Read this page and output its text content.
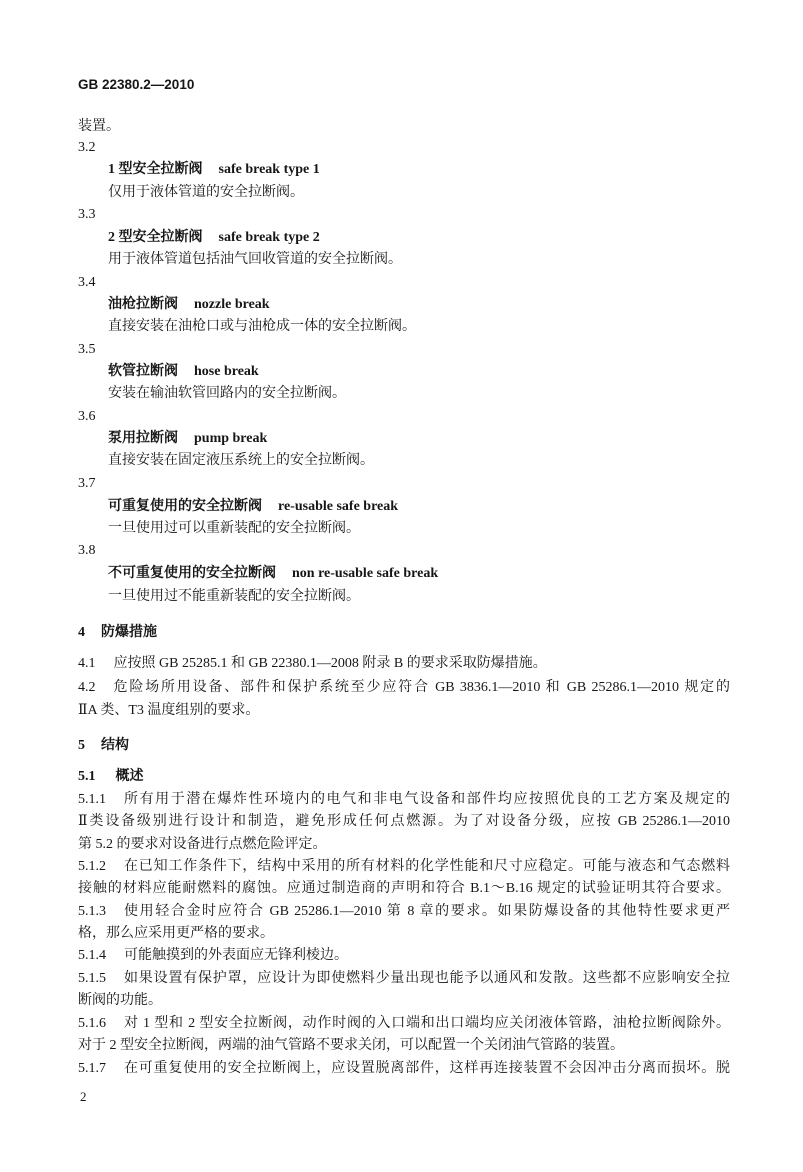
GB 22380.2—2010
装置。
3.2
1 型安全拉断阀 safe break type 1
仅用于液体管道的安全拉断阀。
3.3
2 型安全拉断阀 safe break type 2
用于液体管道包括油气回收管道的安全拉断阀。
3.4
油枪拉断阀 nozzle break
直接安装在油枪口或与油枪成一体的安全拉断阀。
3.5
软管拉断阀 hose break
安装在输油软管回路内的安全拉断阀。
3.6
泵用拉断阀 pump break
直接安装在固定液压系统上的安全拉断阀。
3.7
可重复使用的安全拉断阀 re-usable safe break
一旦使用过可以重新装配的安全拉断阀。
3.8
不可重复使用的安全拉断阀 non re-usable safe break
一旦使用过不能重新装配的安全拉断阀。
4 防爆措施
4.1 应按照 GB 25285.1 和 GB 22380.1—2008 附录 B 的要求采取防爆措施。
4.2 危险场所用设备、部件和保护系统至少应符合 GB 3836.1—2010 和 GB 25286.1—2010 规定的
ⅡA 类、T3 温度组别的要求。
5 结构
5.1 概述
5.1.1 所有用于潜在爆炸性环境内的电气和非电气设备和部件均应按照优良的工艺方案及规定的
Ⅱ类设备级别进行设计和制造，避免形成任何点燃源。为了对设备分级，应按 GB 25286.1—2010
第 5.2 的要求对设备进行点燃危险评定。
5.1.2 在已知工作条件下，结构中采用的所有材料的化学性能和尺寸应稳定。可能与液态和气态燃料
接触的材料应能耐燃料的腐蚀。应通过制造商的声明和符合 B.1～B.16 规定的试验证明其符合要求。
5.1.3 使用轻合金时应符合 GB 25286.1—2010 第 8 章的要求。如果防爆设备的其他特性要求更严
格，那么应采用更严格的要求。
5.1.4 可能触摸到的外表面应无锋利棱边。
5.1.5 如果设置有保护罩，应设计为即使燃料少量出现也能予以通风和发散。这些都不应影响安全拉
断阀的功能。
5.1.6 对 1 型和 2 型安全拉断阀，动作时阀的入口端和出口端均应关闭液体管路，油枪拉断阀除外。
对于 2 型安全拉断阀，两端的油气管路不要求关闭，可以配置一个关闭油气管路的装置。
5.1.7 在可重复使用的安全拉断阀上，应设置脱离部件，这样再连接装置不会因冲击分离而损坏。脱
2
